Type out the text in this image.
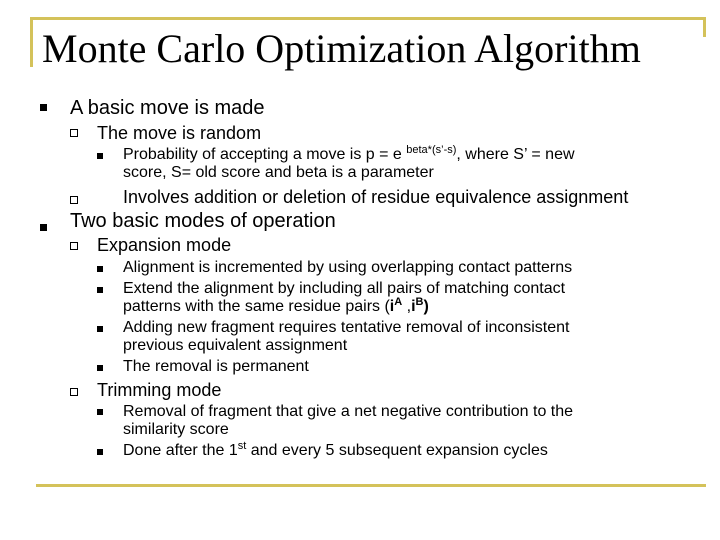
Monte Carlo Optimization Algorithm

A basic move is made

The move is random

Probability of accepting a move is p = e $^{beta*(s’-s)}$, where S’ = new

score, S= old score and beta is a parameter

Involves addition or deletion of residue equivalence assignment

Two basic modes of operation

Expansion mode

Alignment is incremented by using overlapping contact patterns

Extend the alignment by including all pairs of matching contact

patterns with the same residue pairs ($i^A$ $,i^B$)

Adding new fragment requires tentative removal of inconsistent

previous equivalent assignment

The removal is permanent

Trimming mode

Removal of fragment that give a net negative contribution to the

similarity score

Done after the 1st and every 5 subsequent expansion cycles
